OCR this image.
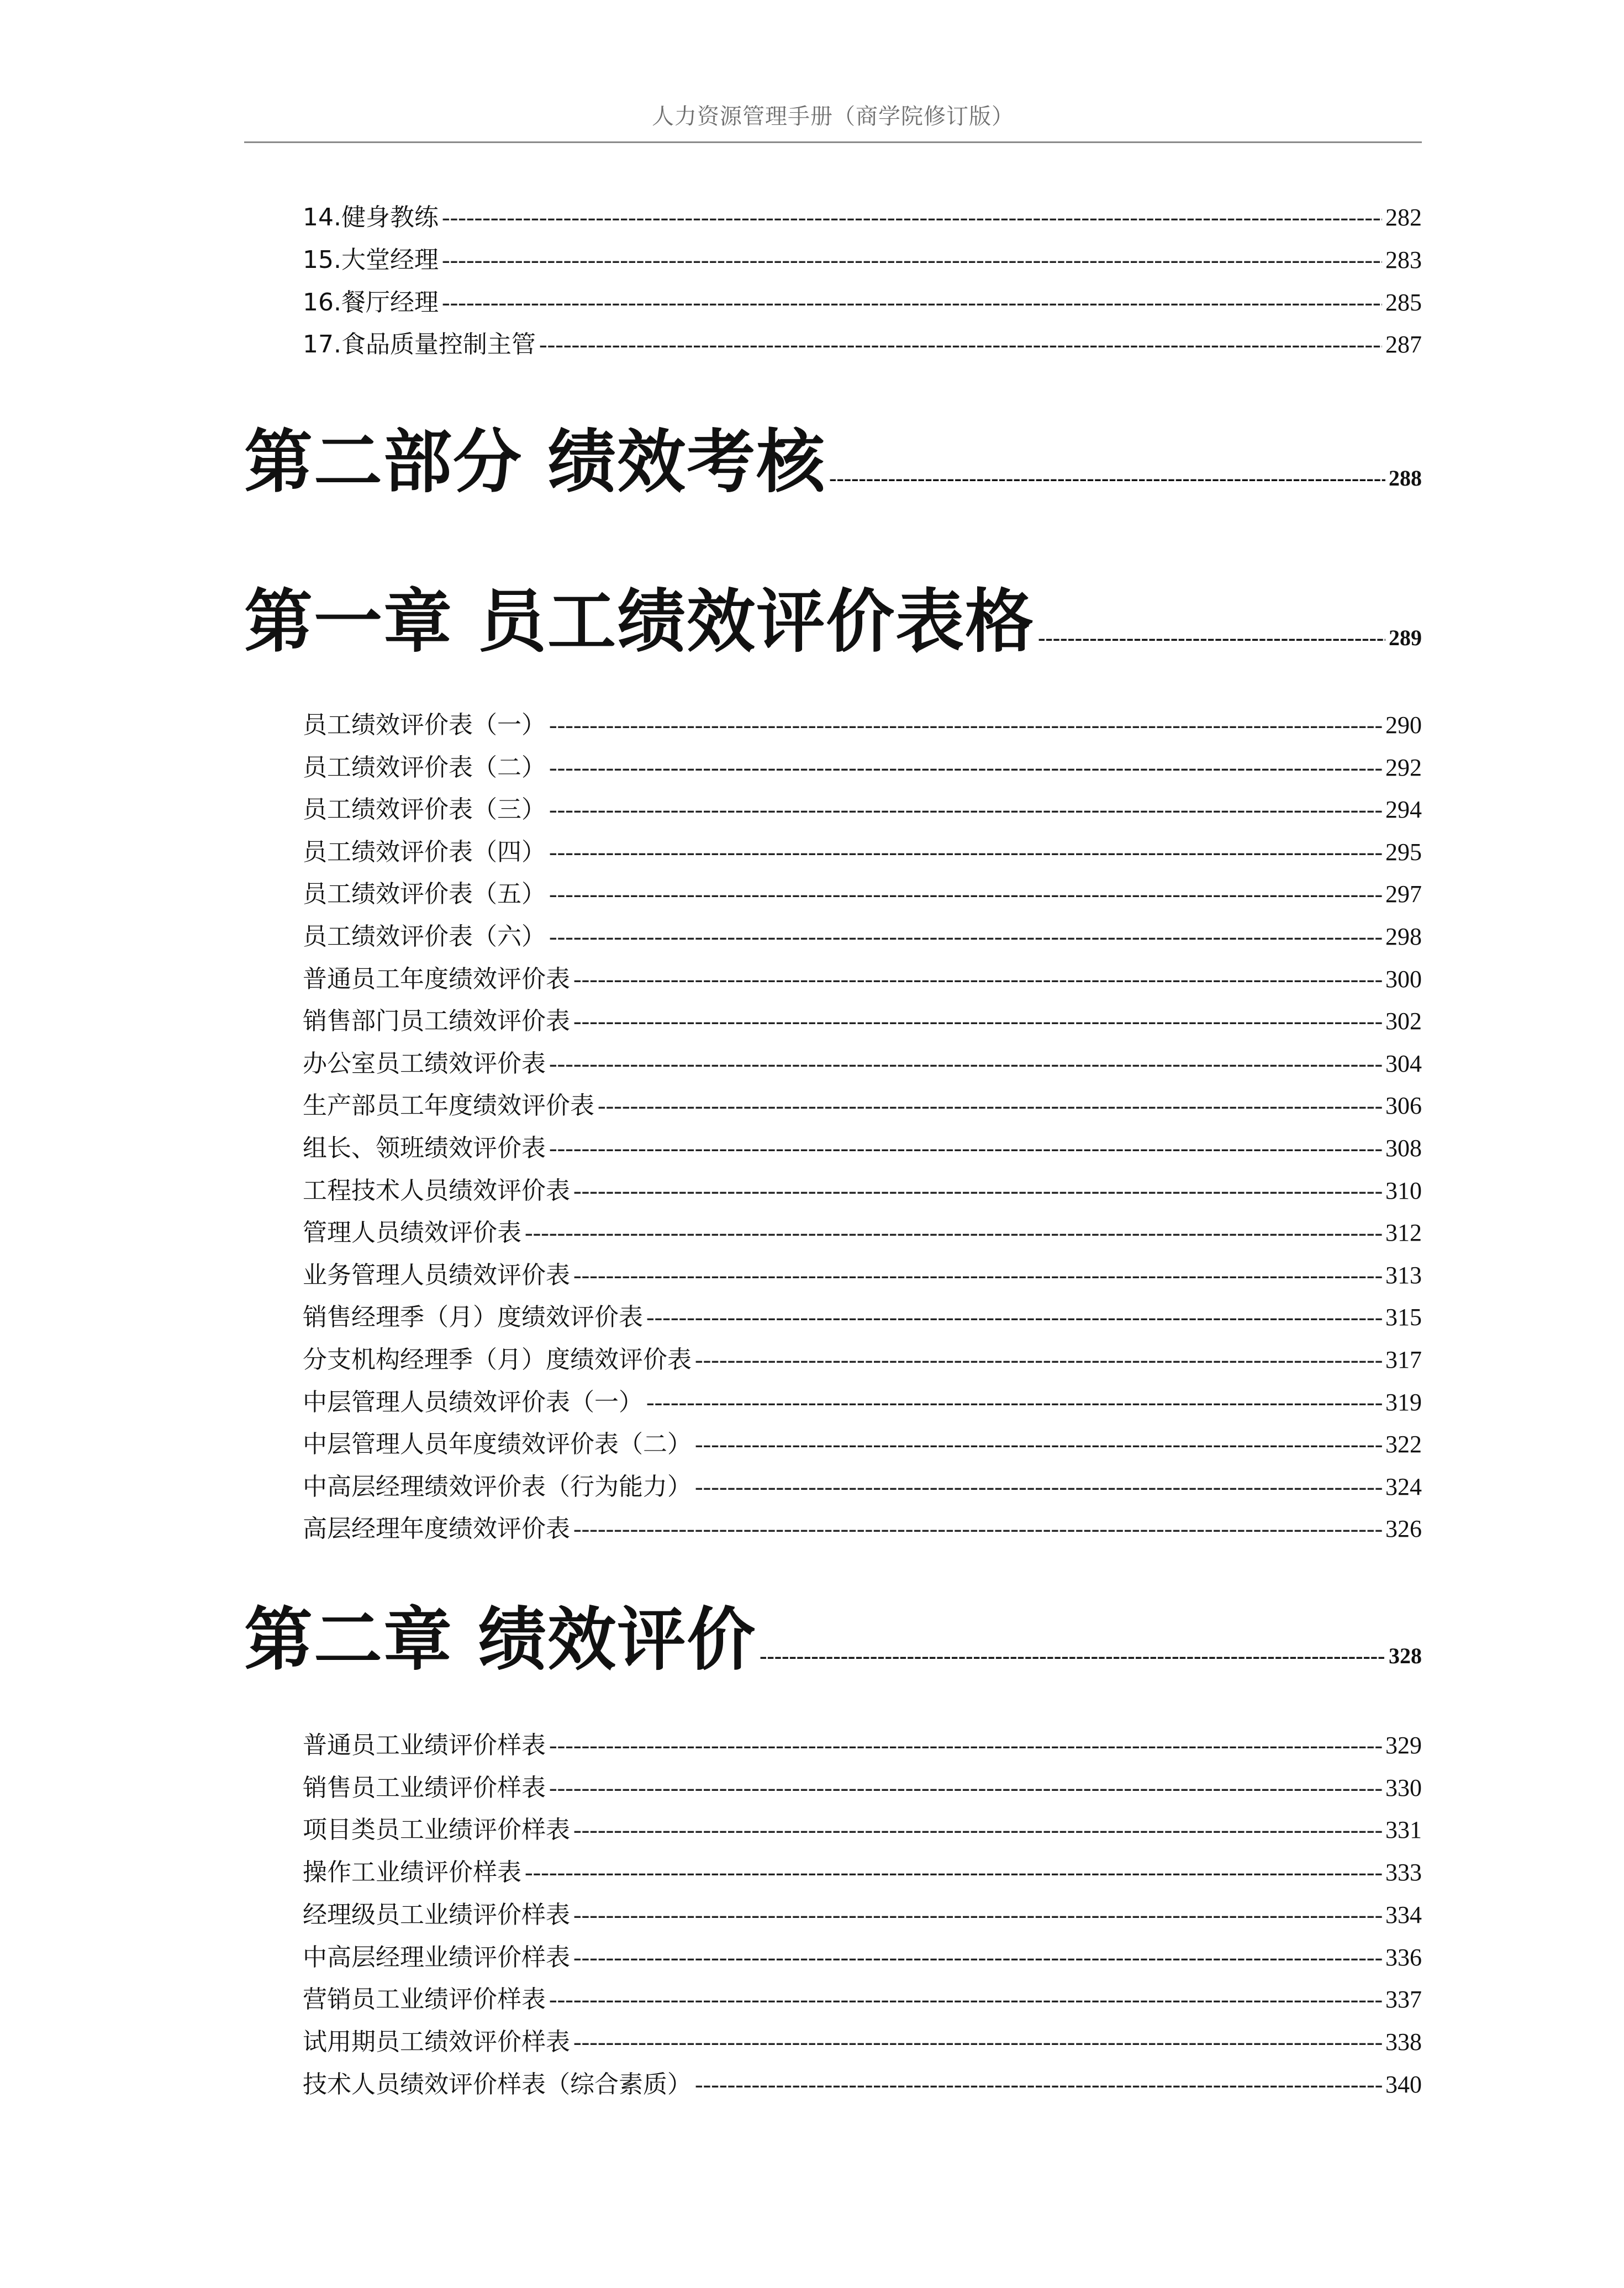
人力资源管理手册（商学院修订版）
14.健身教练 -----	282
15.大堂经理 -----	283
16.餐厅经理 -----	285
17.食品质量控制主管 -----	287
第二部分 绩效考核 -----	288
第一章 员工绩效评价表格 -----	289
员工绩效评价表（一） -----	290
员工绩效评价表（二） -----	292
员工绩效评价表（三） -----	294
员工绩效评价表（四） -----	295
员工绩效评价表（五） -----	297
员工绩效评价表（六） -----	298
普通员工年度绩效评价表 -----	300
销售部门员工绩效评价表 -----	302
办公室员工绩效评价表 -----	304
生产部员工年度绩效评价表 -----	306
组长、领班绩效评价表 -----	308
工程技术人员绩效评价表 -----	310
管理人员绩效评价表 -----	312
业务管理人员绩效评价表 -----	313
销售经理季（月）度绩效评价表 -----	315
分支机构经理季（月）度绩效评价表 -----	317
中层管理人员绩效评价表（一） -----	319
中层管理人员年度绩效评价表（二） -----	322
中高层经理绩效评价表（行为能力） -----	324
高层经理年度绩效评价表 -----	326
第二章 绩效评价 -----	328
普通员工业绩评价样表 -----	329
销售员工业绩评价样表 -----	330
项目类员工业绩评价样表 -----	331
操作工业绩评价样表 -----	333
经理级员工业绩评价样表 -----	334
中高层经理业绩评价样表 -----	336
营销员工业绩评价样表 -----	337
试用期员工绩效评价样表 -----	338
技术人员绩效评价样表（综合素质） -----	340
